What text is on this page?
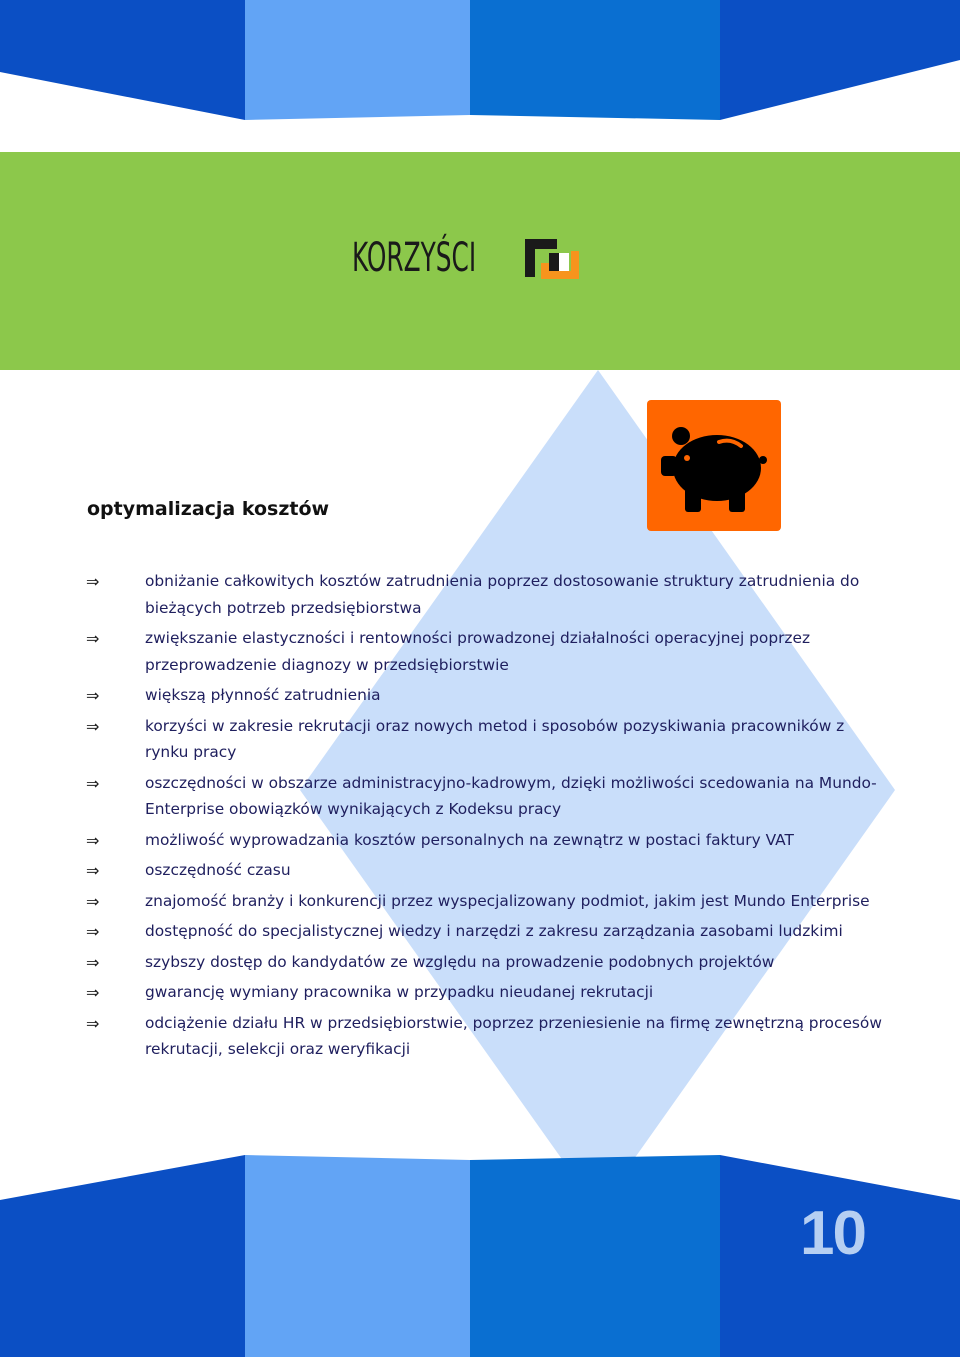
KORZYŚCI
optymalizacja kosztów
⇒	obniżanie całkowitych kosztów zatrudnienia poprzez dostosowanie struktury zatrudnienia do bieżących potrzeb przedsiębiorstwa
⇒	zwiększanie elastyczności i rentowności prowadzonej działalności operacyjnej poprzez przeprowadzenie diagnozy w przedsiębiorstwie
⇒	większą płynność zatrudnienia
⇒	korzyści w zakresie rekrutacji oraz nowych metod i sposobów pozyskiwania pracowników z rynku pracy
⇒	oszczędności w obszarze administracyjno-kadrowym, dzięki możliwości scedowania na Mundo-Enterprise obowiązków wynikających z Kodeksu pracy
⇒	możliwość wyprowadzania kosztów personalnych na zewnątrz w postaci faktury VAT
⇒	oszczędność czasu
⇒	znajomość branży i konkurencji przez wyspecjalizowany podmiot, jakim jest Mundo Enterprise
⇒	dostępność do specjalistycznej wiedzy i narzędzi z zakresu zarządzania zasobami ludzkimi
⇒	szybszy dostęp do kandydatów ze względu na prowadzenie podobnych projektów
⇒	gwarancję wymiany pracownika w przypadku nieudanej rekrutacji
⇒	odciążenie działu HR w przedsiębiorstwie, poprzez przeniesienie na firmę zewnętrzną procesów rekrutacji, selekcji oraz weryfikacji
10
